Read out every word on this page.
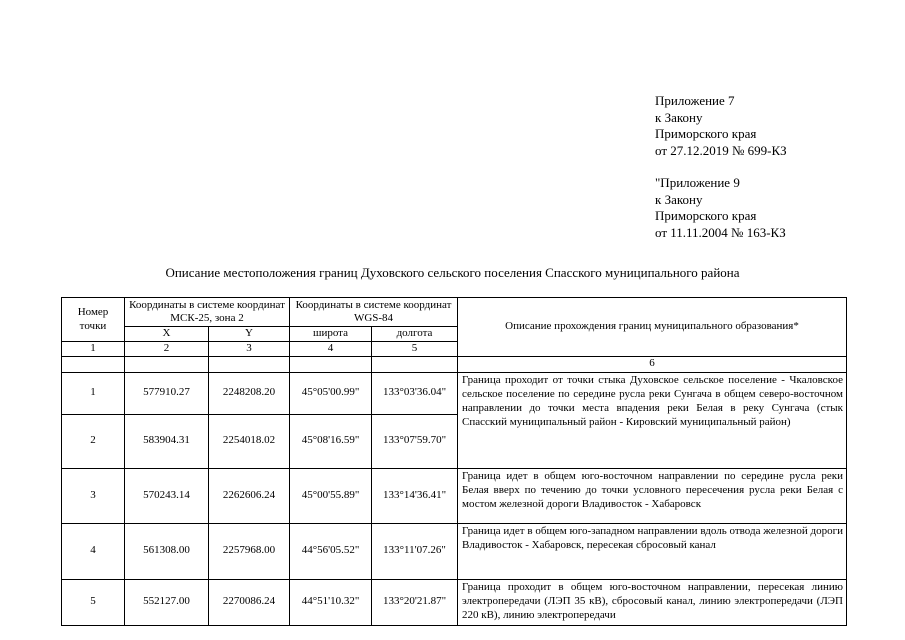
Приложение 7
к Закону
Приморского края
от 27.12.2019 № 699-КЗ
"Приложение 9
к Закону
Приморского края
от 11.11.2004 № 163-КЗ
Описание местоположения границ Духовского сельского поселения Спасского муниципального района
Номер точки	Координаты в системе координат МСК-25, зона 2		Координаты в системе координат WGS-84		Описание прохождения границ муниципального образования*
	X	Y	широта	долгота	
1	2	3	4	5	
					6
1	577910.27	2248208.20	45°05'00.99"	133°03'36.04"	Граница проходит от точки стыка Духовское сельское поселение - Чкаловское сельское поселение по середине русла реки Сунгача в общем северо-восточном направлении до точки места впадения реки Белая в реку Сунгача (стык Спасский муниципальный район - Кировский муниципальный район)
2	583904.31	2254018.02	45°08'16.59"	133°07'59.70"	
3	570243.14	2262606.24	45°00'55.89"	133°14'36.41"	Граница идет в общем юго-восточном направлении по середине русла реки Белая вверх по течению до точки условного пересечения русла реки Белая с мостом железной дороги Владивосток - Хабаровск
4	561308.00	2257968.00	44°56'05.52"	133°11'07.26"	Граница идет в общем юго-западном направлении вдоль отвода железной дороги Владивосток - Хабаровск, пересекая сбросовый канал
5	552127.00	2270086.24	44°51'10.32"	133°20'21.87"	Граница проходит в общем юго-восточном направлении, пересекая линию электропередачи (ЛЭП 35 кВ), сбросовый канал, линию электропередачи (ЛЭП 220 кВ), линию электропередачи
